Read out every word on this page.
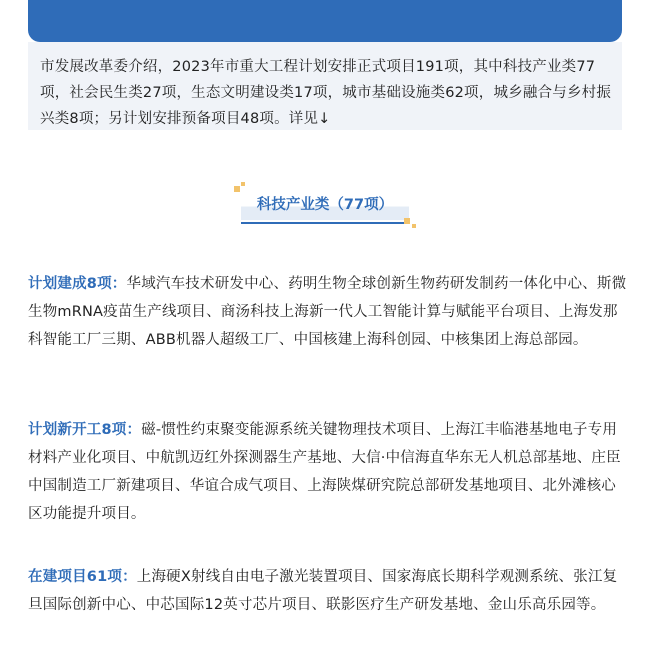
市发展改革委介绍，2023年市重大工程计划安排正式项目191项，其中科技产业类77项，社会民生类27项，生态文明建设类17项，城市基础设施类62项，城乡融合与乡村振兴类8项；另计划安排预备项目48项。详见↓
科技产业类（77项）

计划建成8项：华域汽车技术研发中心、药明生物全球创新生物药研发制药一体化中心、斯微生物mRNA疫苗生产线项目、商汤科技上海新一代人工智能计算与赋能平台项目、上海发那科智能工厂三期、ABB机器人超级工厂、中国核建上海科创园、中核集团上海总部园。

计划新开工8项：磁-惯性约束聚变能源系统关键物理技术项目、上海江丰临港基地电子专用材料产业化项目、中航凯迈红外探测器生产基地、大信·中信海直华东无人机总部基地、庄臣中国制造工厂新建项目、华谊合成气项目、上海陕煤研究院总部研发基地项目、北外滩核心区功能提升项目。

在建项目61项：上海硬X射线自由电子激光装置项目、国家海底长期科学观测系统、张江复旦国际创新中心、中芯国际12英寸芯片项目、联影医疗生产研发基地、金山乐高乐园等。
